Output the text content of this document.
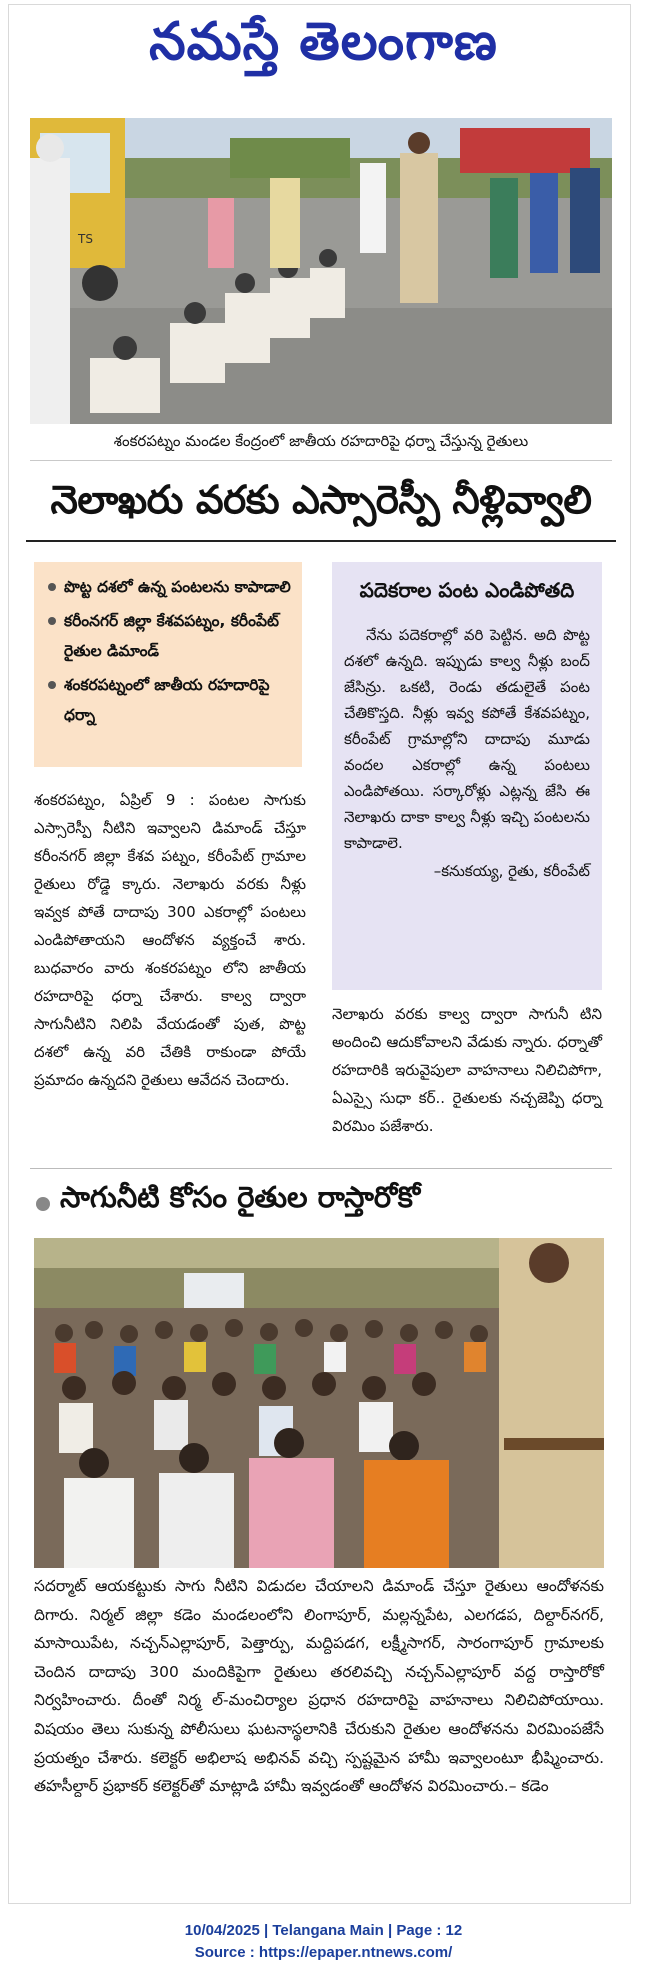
నమస్తే తెలంగాణ
TS
శంకరపట్నం మండల కేంద్రంలో జాతీయ రహదారిపై ధర్నా చేస్తున్న రైతులు
నెలాఖరు వరకు ఎస్సారెస్పీ నీళ్లివ్వాలి
పొట్ట దశలో ఉన్న పంటలను కాపాడాలి
కరీంనగర్ జిల్లా కేశవపట్నం, కరీంపేట్ రైతుల డిమాండ్
శంకరపట్నంలో జాతీయ రహదారిపై ధర్నా
పదెకరాల పంట ఎండిపోతది
నేను పదెకరాల్లో వరి పెట్టిన. అది పొట్ట దశలో ఉన్నది. ఇప్పుడు కాల్వ నీళ్లు బంద్ జేసిన్రు. ఒకటి, రెండు తడులైతే పంట చేతికొస్తది. నీళ్లు ఇవ్వ కపోతే కేశవపట్నం, కరీంపేట్ గ్రామాల్లోని దాదాపు మూడు వందల ఎకరాల్లో ఉన్న పంటలు ఎండిపోతయి. సర్కారోళ్లు ఎట్లన్న జేసి ఈ నెలాఖరు దాకా కాల్వ నీళ్లు ఇచ్చి పంటలను కాపాడాలె.
–కనుకయ్య, రైతు, కరీంపేట్
శంకరపట్నం, ఏప్రిల్ 9 : పంటల సాగుకు ఎస్సారెస్పీ నీటిని ఇవ్వాలని డిమాండ్ చేస్తూ కరీంనగర్ జిల్లా కేశవ పట్నం, కరీంపేట్ గ్రామాల రైతులు రోడ్డె క్కారు. నెలాఖరు వరకు నీళ్లు ఇవ్వక పోతే దాదాపు 300 ఎకరాల్లో పంటలు ఎండిపోతాయని ఆందోళన వ్యక్తంచే శారు. బుధవారం వారు శంకరపట్నం లోని జాతీయ రహదారిపై ధర్నా చేశారు. కాల్వ ద్వారా సాగునీటిని నిలిపి వేయడంతో పుత, పొట్ట దశలో ఉన్న వరి చేతికి రాకుండా పోయే ప్రమాదం ఉన్నదని రైతులు ఆవేదన చెందారు.
నెలాఖరు వరకు కాల్వ ద్వారా సాగునీ టిని అందించి ఆదుకోవాలని వేడుకు న్నారు. ధర్నాతో రహదారికి ఇరువైపులా వాహనాలు నిలిచిపోగా, ఏఎస్సై సుధా కర్.. రైతులకు నచ్చజెప్పి ధర్నా విరమిం పజేశారు.
సాగునీటి కోసం రైతుల రాస్తారోకో
సదర్మాట్ ఆయకట్టుకు సాగు నీటిని విడుదల చేయాలని డిమాండ్ చేస్తూ రైతులు ఆందోళనకు దిగారు. నిర్మల్ జిల్లా కడెం మండలంలోని లింగాపూర్, మల్లన్నపేట, ఎలగడప, దిల్దార్‌నగర్, మాసాయిపేట, నచ్చన్‌ఎల్లాపూర్, పెత్తార్పు, మద్దిపడగ, లక్ష్మీసాగర్, సారంగాపూర్ గ్రామాలకు చెందిన దాదాపు 300 మందికిపైగా రైతులు తరలివచ్చి నచ్చన్‌ఎల్లాపూర్ వద్ద రాస్తారోకో నిర్వహించారు. దీంతో నిర్మ ల్-మంచిర్యాల ప్రధాన రహదారిపై వాహనాలు నిలిచిపోయాయి. విషయం తెలు సుకున్న పోలీసులు ఘటనాస్థలానికి చేరుకుని రైతుల ఆందోళనను విరమింపజేసే ప్రయత్నం చేశారు. కలెక్టర్ అభిలాష అభినవ్ వచ్చి స్పష్టమైన హామీ ఇవ్వాలంటూ భీష్మించారు. తహసీల్దార్ ప్రభాకర్ కలెక్టర్‌తో మాట్లాడి హామీ ఇవ్వడంతో ఆందోళన విరమించారు.– కడెం
10/04/2025 | Telangana Main | Page : 12
Source : https://epaper.ntnews.com/
